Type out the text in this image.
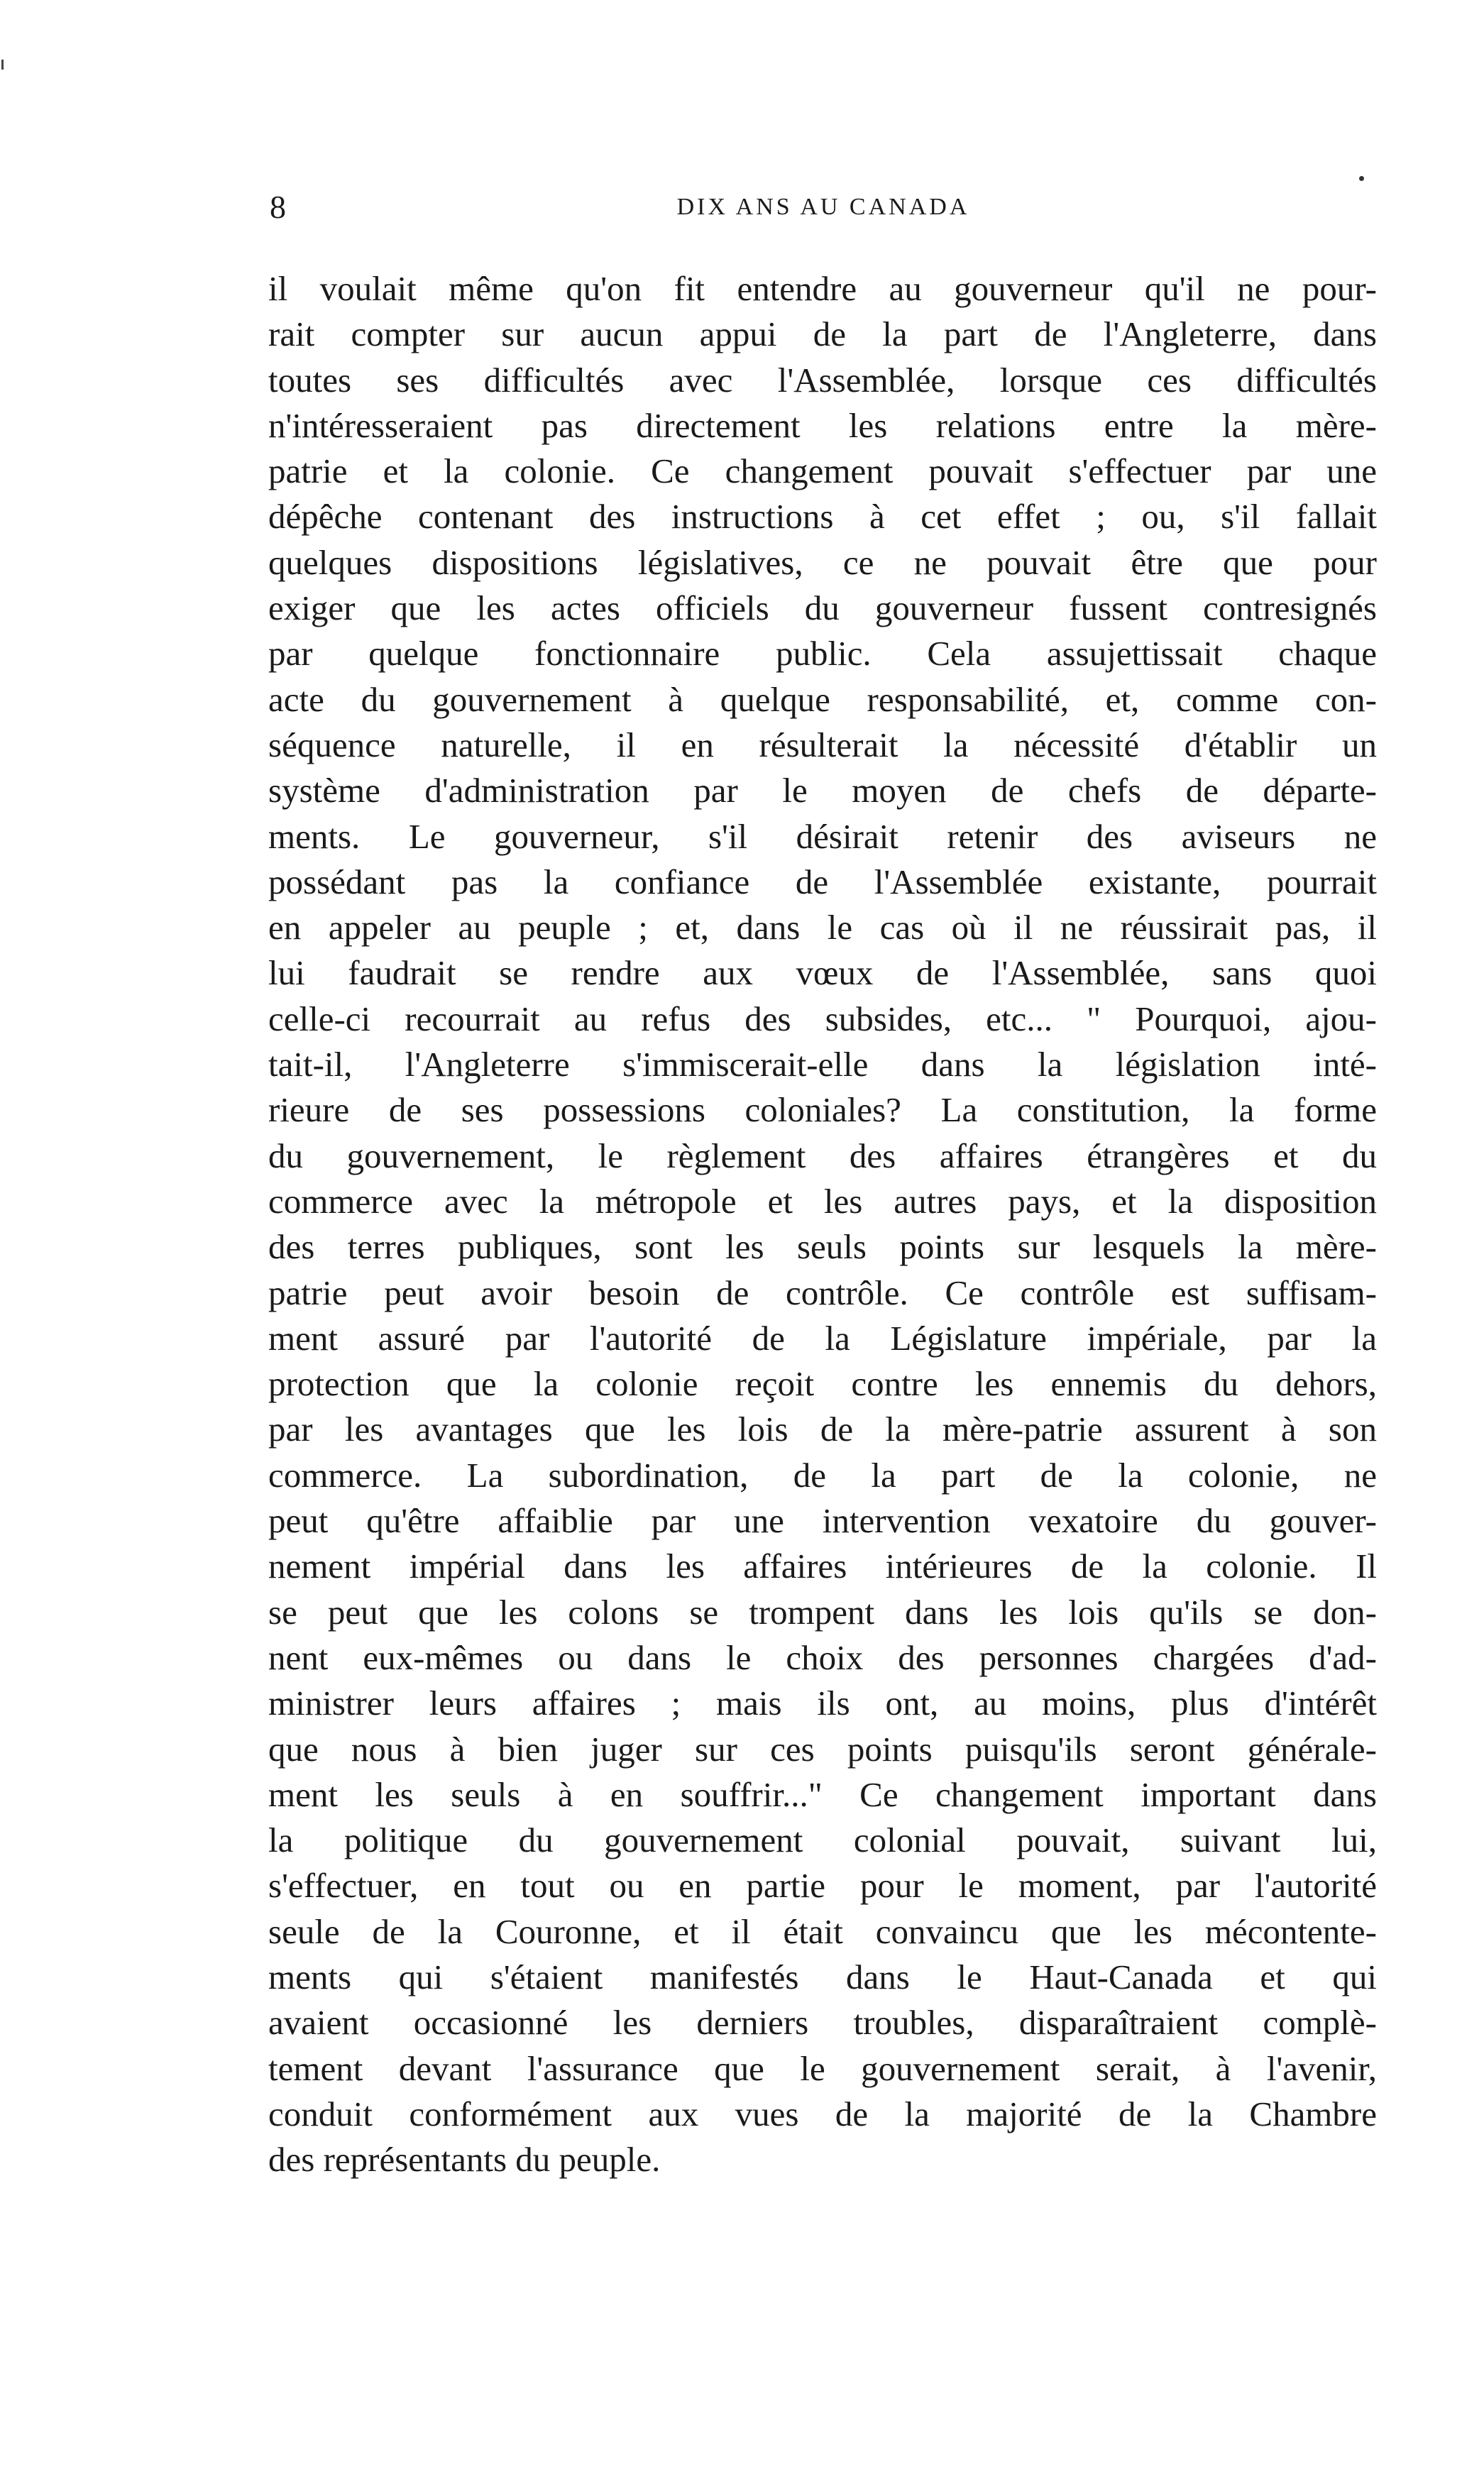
8	DIX ANS AU CANADA
il voulait même qu'on fit entendre au gouverneur qu'il ne pour-
rait compter sur aucun appui de la part de l'Angleterre, dans
toutes ses difficultés avec l'Assemblée, lorsque ces difficultés
n'intéresseraient pas directement les relations entre la mère-
patrie et la colonie. Ce changement pouvait s'effectuer par une
dépêche contenant des instructions à cet effet ; ou, s'il fallait
quelques dispositions législatives, ce ne pouvait être que pour
exiger que les actes officiels du gouverneur fussent contresignés
par quelque fonctionnaire public. Cela assujettissait chaque
acte du gouvernement à quelque responsabilité, et, comme con-
séquence naturelle, il en résulterait la nécessité d'établir un
système d'administration par le moyen de chefs de départe-
ments. Le gouverneur, s'il désirait retenir des aviseurs ne
possédant pas la confiance de l'Assemblée existante, pourrait
en appeler au peuple ; et, dans le cas où il ne réussirait pas, il
lui faudrait se rendre aux vœux de l'Assemblée, sans quoi
celle-ci recourrait au refus des subsides, etc... " Pourquoi, ajou-
tait-il, l'Angleterre s'immiscerait-elle dans la législation inté-
rieure de ses possessions coloniales? La constitution, la forme
du gouvernement, le règlement des affaires étrangères et du
commerce avec la métropole et les autres pays, et la disposition
des terres publiques, sont les seuls points sur lesquels la mère-
patrie peut avoir besoin de contrôle. Ce contrôle est suffisam-
ment assuré par l'autorité de la Législature impériale, par la
protection que la colonie reçoit contre les ennemis du dehors,
par les avantages que les lois de la mère-patrie assurent à son
commerce. La subordination, de la part de la colonie, ne
peut qu'être affaiblie par une intervention vexatoire du gouver-
nement impérial dans les affaires intérieures de la colonie. Il
se peut que les colons se trompent dans les lois qu'ils se don-
nent eux-mêmes ou dans le choix des personnes chargées d'ad-
ministrer leurs affaires ; mais ils ont, au moins, plus d'intérêt
que nous à bien juger sur ces points puisqu'ils seront générale-
ment les seuls à en souffrir..." Ce changement important dans
la politique du gouvernement colonial pouvait, suivant lui,
s'effectuer, en tout ou en partie pour le moment, par l'autorité
seule de la Couronne, et il était convaincu que les mécontente-
ments qui s'étaient manifestés dans le Haut-Canada et qui
avaient occasionné les derniers troubles, disparaîtraient complè-
tement devant l'assurance que le gouvernement serait, à l'avenir,
conduit conformément aux vues de la majorité de la Chambre
des représentants du peuple.
